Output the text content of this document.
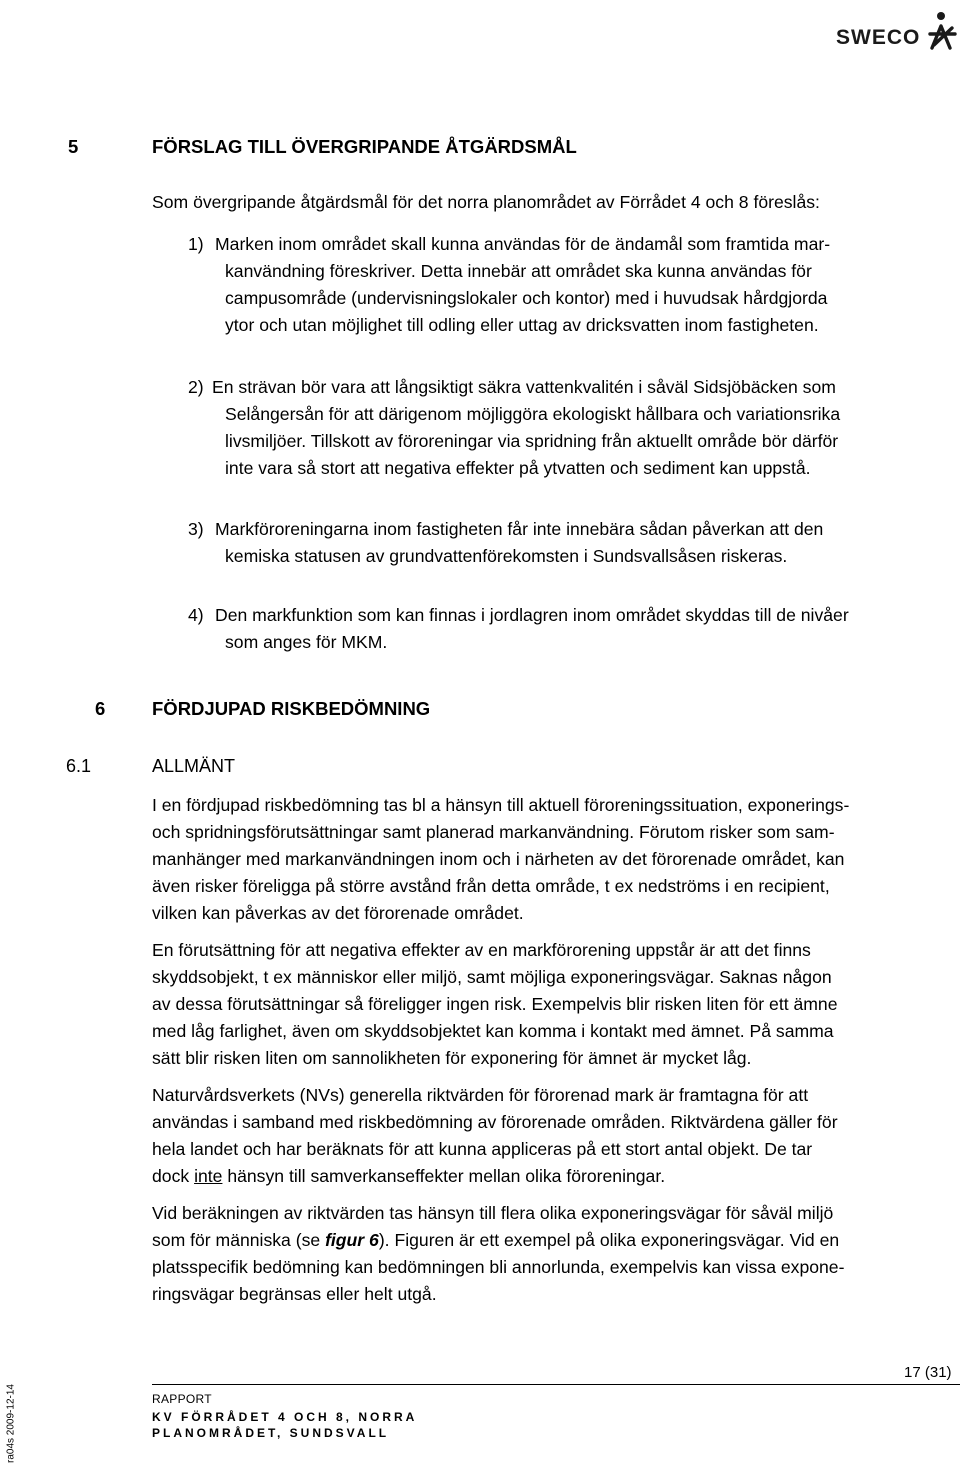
SWECO
5	FÖRSLAG TILL ÖVERGRIPANDE ÅTGÄRDSMÅL
Som övergripande åtgärdsmål för det norra planområdet av Förrådet 4 och 8 föreslås:
1) Marken inom området skall kunna användas för de ändamål som framtida mar-
kanvändning föreskriver. Detta innebär att området ska kunna användas för
campusområde (undervisningslokaler och kontor) med i huvudsak hårdgjorda
ytor och utan möjlighet till odling eller uttag av dricksvatten inom fastigheten.
2) En strävan bör vara att långsiktigt säkra vattenkvalitén i såväl Sidsjöbäcken som
Selångersån för att därigenom möjliggöra ekologiskt hållbara och variationsrika
livsmiljöer. Tillskott av föroreningar via spridning från aktuellt område bör därför
inte vara så stort att negativa effekter på ytvatten och sediment kan uppstå.
3) Markföroreningarna inom fastigheten får inte innebära sådan påverkan att den
kemiska statusen av grundvattenförekomsten i Sundsvallsåsen riskeras.
4) Den markfunktion som kan finnas i jordlagren inom området skyddas till de nivåer
som anges för MKM.
6	FÖRDJUPAD RISKBEDÖMNING
6.1	ALLMÄNT
I en fördjupad riskbedömning tas bl a hänsyn till aktuell föroreningssituation, exponerings-
och spridningsförutsättningar samt planerad markanvändning. Förutom risker som sam-
manhänger med markanvändningen inom och i närheten av det förorenade området, kan
även risker föreligga på större avstånd från detta område, t ex nedströms i en recipient,
vilken kan påverkas av det förorenade området.
En förutsättning för att negativa effekter av en markförorening uppstår är att det finns
skyddsobjekt, t ex människor eller miljö, samt möjliga exponeringsvägar. Saknas någon
av dessa förutsättningar så föreligger ingen risk. Exempelvis blir risken liten för ett ämne
med låg farlighet, även om skyddsobjektet kan komma i kontakt med ämnet. På samma
sätt blir risken liten om sannolikheten för exponering för ämnet är mycket låg.
Naturvårdsverkets (NVs) generella riktvärden för förorenad mark är framtagna för att
användas i samband med riskbedömning av förorenade områden. Riktvärdena gäller för
hela landet och har beräknats för att kunna appliceras på ett stort antal objekt. De tar
dock inte hänsyn till samverkanseffekter mellan olika föroreningar.
Vid beräkningen av riktvärden tas hänsyn till flera olika exponeringsvägar för såväl miljö
som för människa (se figur 6). Figuren är ett exempel på olika exponeringsvägar. Vid en
platsspecifik bedömning kan bedömningen bli annorlunda, exempelvis kan vissa expone-
ringsvägar begränsas eller helt utgå.
17 (31)
RAPPORT
KV FÖRRÅDET 4 OCH 8, NORRA
PLANOMRÅDET, SUNDSVALL
ra04s 2009-12-14
